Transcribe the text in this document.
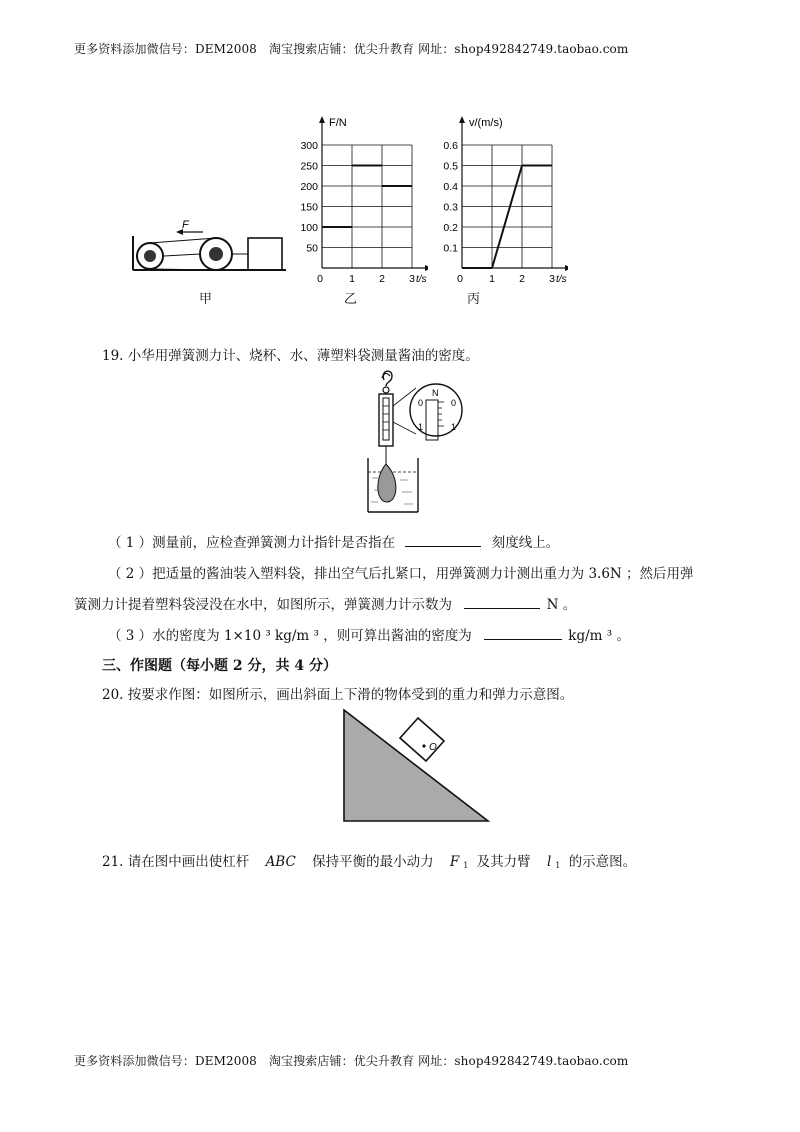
更多资料添加微信号：DEM2008　淘宝搜索店铺：优尖升教育 网址：shop492842749.taobao.com
F
甲
300
250
200
150
100
50
0 1 2 3
F/N
t/s
乙
0.6
0.5
0.4
0.3
0.2
0.1
0 1 2 3
v/(m/s)
t/s
丙
19. 小华用弹簧测力计、烧杯、水、薄塑料袋测量酱油的密度。
0
N
0
1	1
（ 1 ）测量前，应检查弹簧测力计指针是否指在	刻度线上。
（ 2 ）把适量的酱油装入塑料袋，排出空气后扎紧口，用弹簧测力计测出重力为 3.6N ；然后用弹
簧测力计提着塑料袋浸没在水中，如图所示，弹簧测力计示数为	N 。
（ 3 ）水的密度为 1×10 ³ kg/m ³ ，则可算出酱油的密度为	kg/m ³ 。
三、作图题（每小题 2 分，共 4 分）
20. 按要求作图：如图所示，画出斜面上下滑的物体受到的重力和弹力示意图。
O
21. 请在图中画出使杠杆 ABC 保持平衡的最小动力 F $_1$ 及其力臂 l $_1$ 的示意图。
更多资料添加微信号：DEM2008　淘宝搜索店铺：优尖升教育 网址：shop492842749.taobao.com
